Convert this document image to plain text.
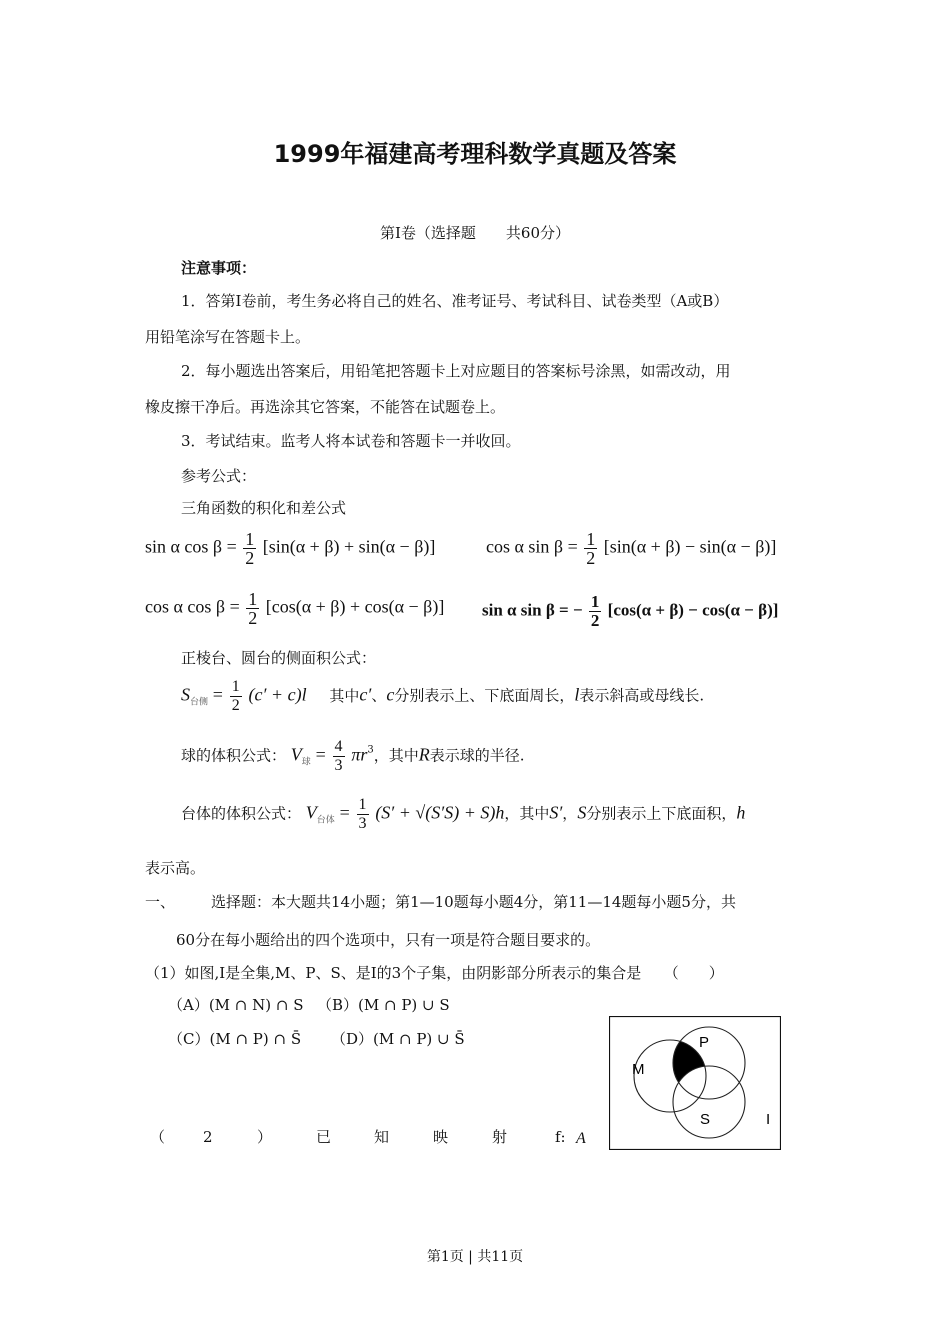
1999年福建高考理科数学真题及答案
第Ⅰ卷（选择题　　共60分）
注意事项：
1．答第Ⅰ卷前，考生务必将自己的姓名、准考证号、考试科目、试卷类型（A或B）
用铅笔涂写在答题卡上。
2．每小题选出答案后，用铅笔把答题卡上对应题目的答案标号涂黑，如需改动，用
橡皮擦干净后。再选涂其它答案，不能答在试题卷上。
3．考试结束。监考人将本试卷和答题卡一并收回。
参考公式：
三角函数的积化和差公式
sin α $\cos \beta = \frac{1}{2} [\sin(\alpha + \beta) + \sin(\alpha - \beta)]$	cos α $\sin \beta = \frac{1}{2} [\sin(\alpha + \beta) - \sin(\alpha - \beta)]$
cos α $\cos \beta = \frac{1}{2} [\cos(\alpha + \beta) + \cos(\alpha - \beta)]$ sin α sin β = − $\frac{1}{2} [\cos(\alpha + \beta) - \cos(\alpha - \beta)]$
正棱台、圆台的侧面积公式：
$S_{台侧} = \frac{1}{2} (c' + c)l$ 其中c′、c分别表示上、下底面周长，l表示斜高或母线长.
球的体积公式： $V_球 = \frac{4}{3} \pi r^3$，其中R表示球的半径.
台体的体积公式： $V_{台体} = \frac{1}{3} (S' + √(S'S) + S)h$，其中S′，S分别表示上下底面积，h
表示高。
一、 选择题：本大题共14小题；第1—10题每小题4分，第11—14题每小题5分，共
60分在每小题给出的四个选项中，只有一项是符合题目要求的。
（1）如图,I是全集,M、P、S、是I的3个子集，由阴影部分所表示的集合是　　（　　）
（A）(M ∩ N) ∩ S （B）(M ∩ P) ∪ S
（C）(M ∩ P) ∩ S̄ （D）(M ∩ P) ∪ S̄
M
P
S	I
（	2	）	已	知	映	射	f: A
第1页 | 共11页
